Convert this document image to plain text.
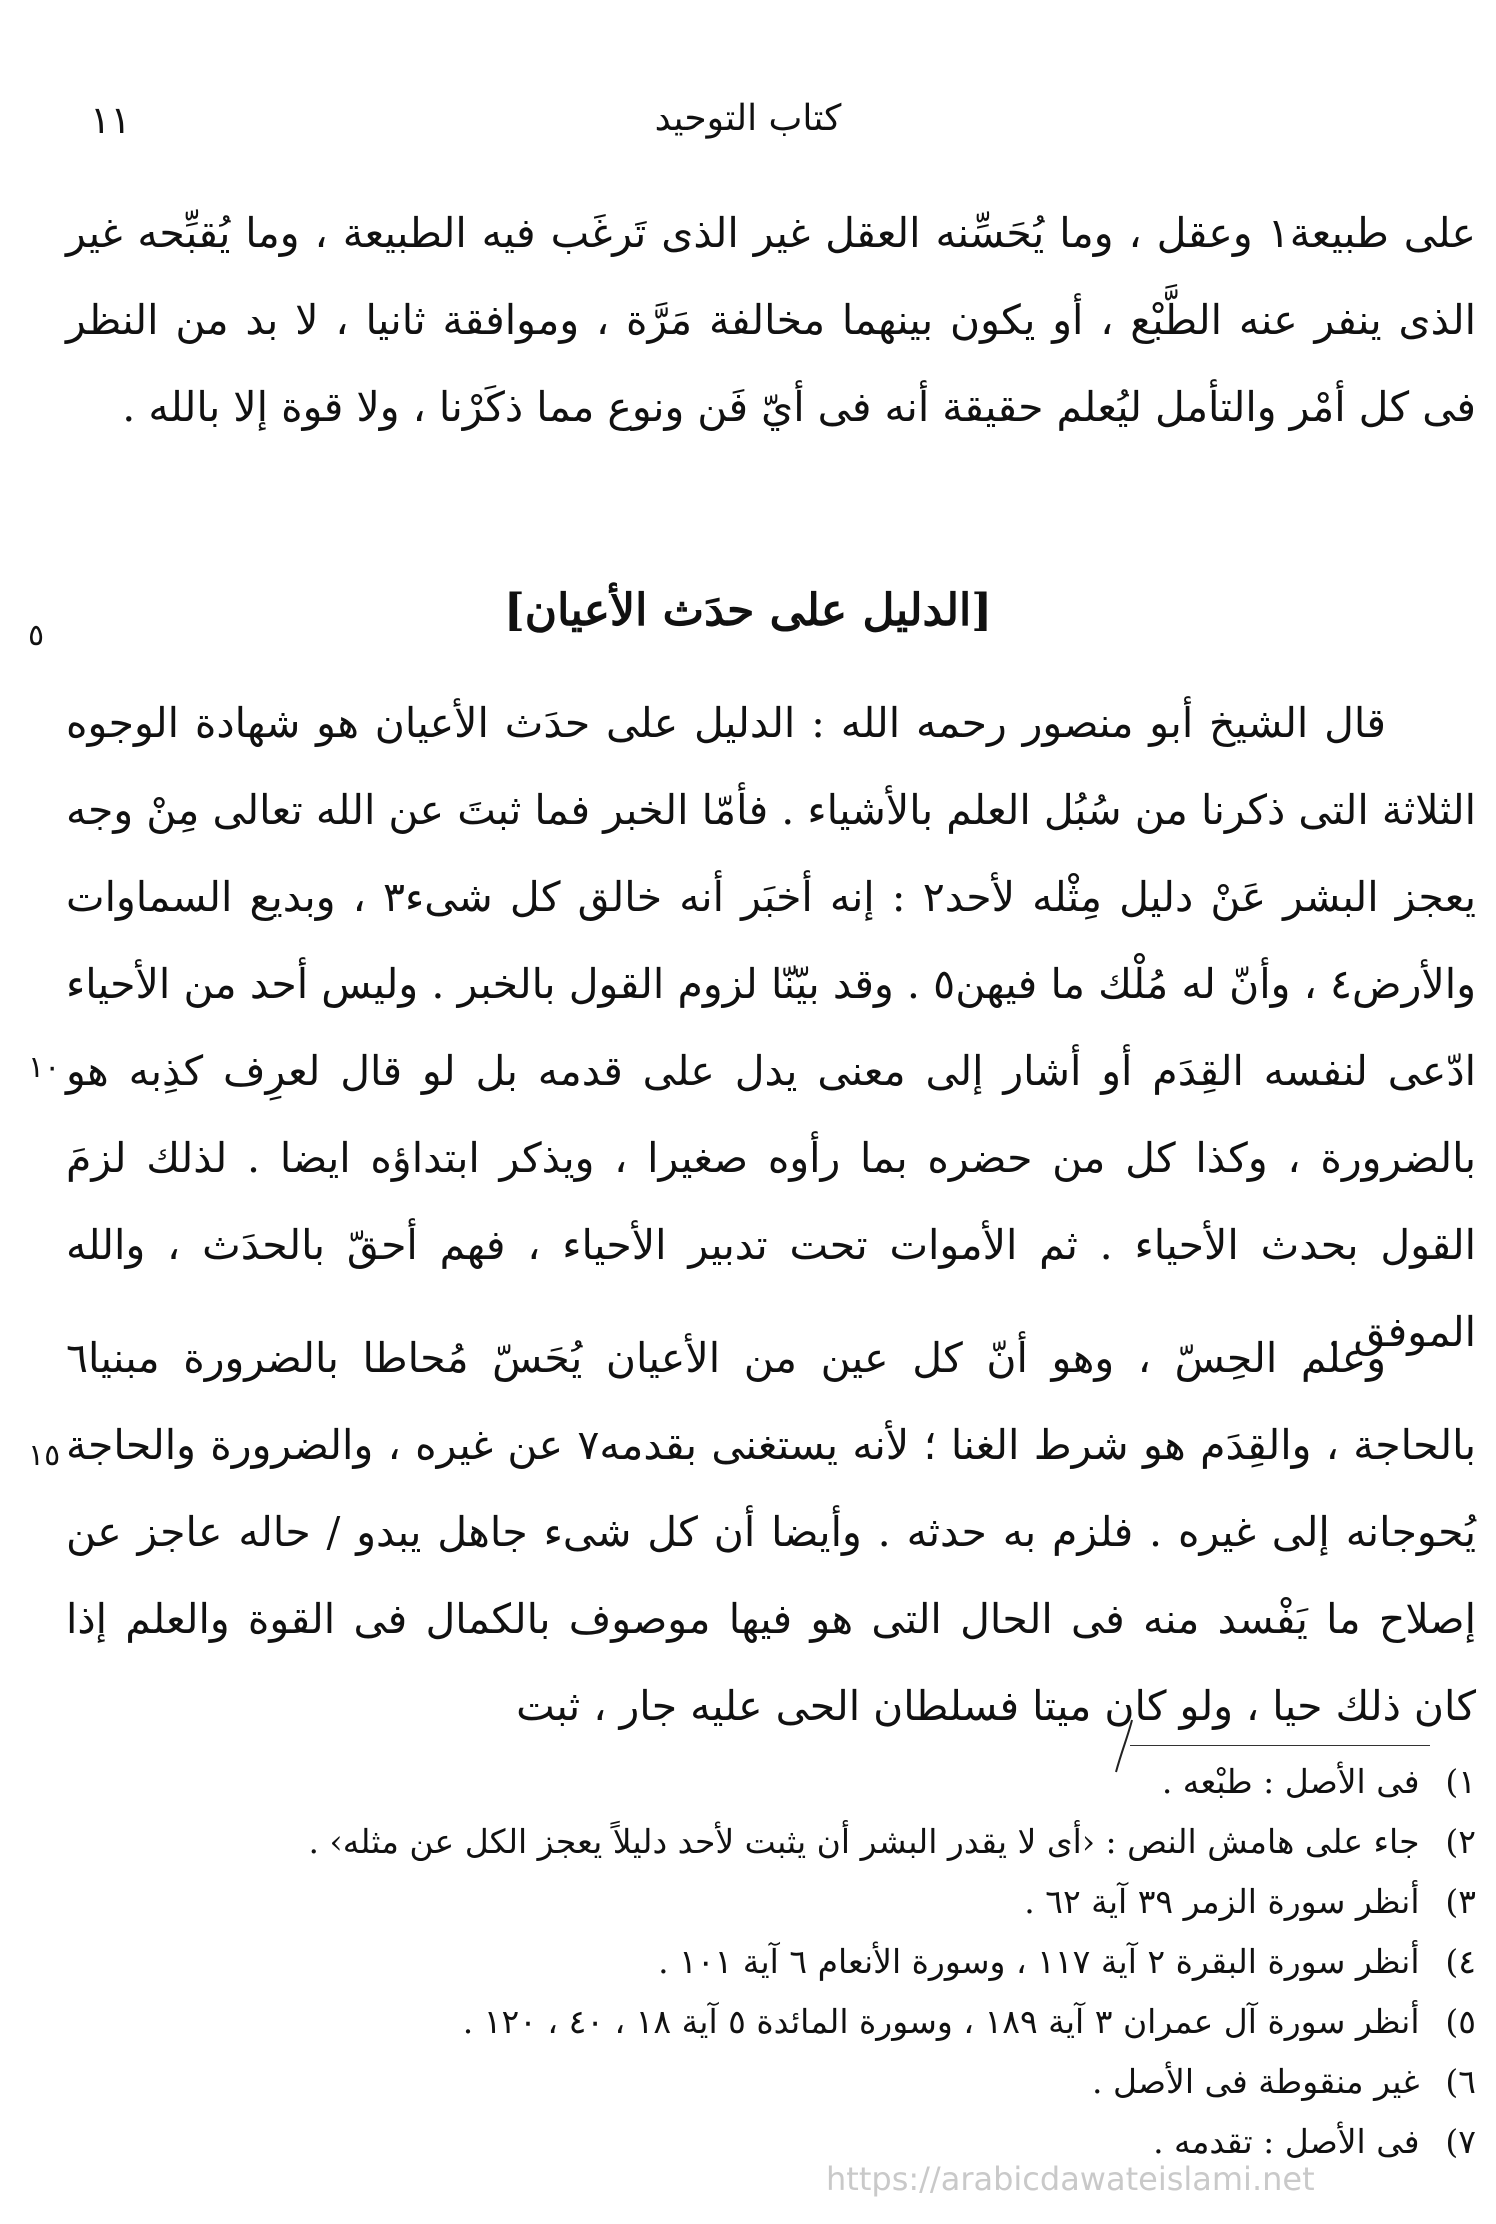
١١	كتاب التوحيد

على طبيعة١ وعقل ، وما يُحَسِّنه العقل غير الذى تَرغَب فيه الطبيعة ، وما يُقبِّحه غير الذى ينفر عنه الطَّبْع ، أو يكون بينهما مخالفة مَرَّة ، وموافقة ثانيا ، لا بد من النظر فى كل أمْر والتأمل ليُعلم حقيقة أنه فى أيّ فَن ونوع مما ذكَرْنا ، ولا قوة إلا بالله .

[الدليل على حدَث الأعيان]
٥

قال الشيخ أبو منصور رحمه الله : الدليل على حدَث الأعيان هو شهادة الوجوه الثلاثة التى ذكرنا من سُبُل العلم بالأشياء . فأمّا الخبر فما ثبتَ عن الله تعالى مِنْ وجه يعجز البشر عَنْ دليل مِثْله لأحد٢ : إنه أخبَر أنه خالق كل شىء٣ ، وبديع السماوات والأرض٤ ، وأنّ له مُلْك ما فيهن٥ . وقد بيّنّا لزوم القول بالخبر . وليس أحد من الأحياء ادّعى لنفسه القِدَم أو أشار إلى معنى يدل على قدمه بل لو قال لعرِف كذِبه هو بالضرورة ، وكذا كل من حضره بما رأوه صغيرا ، ويذكر ابتداؤه ايضا . لذلك لزمَ القول بحدث الأحياء . ثم الأموات تحت تدبير الأحياء ، فهم أحقّ بالحدَث ، والله الموفق .

١٠

وعلم الحِسّ ، وهو أنّ كل عين من الأعيان يُحَسّ مُحاطا بالضرورة مبنيا٦ بالحاجة ، والقِدَم هو شرط الغنا ؛ لأنه يستغنى بقدمه٧ عن غيره ، والضرورة والحاجة يُحوجانه إلى غيره . فلزم به حدثه . وأيضا أن كل شىء جاهل يبدو / حاله عاجز عن إصلاح ما يَفْسد منه فى الحال التى هو فيها موصوف بالكمال فى القوة والعلم إذا كان ذلك حيا ، ولو كان ميتا فسلطان الحى عليه جار ، ثبت

١٥
١) فى الأصل : طبْعه .
٢) جاء على هامش النص : ‹أى لا يقدر البشر أن يثبت لأحد دليلاً يعجز الكل عن مثله› .
٣) أنظر سورة الزمر ٣٩ آية ٦٢ .
٤) أنظر سورة البقرة ٢ آية ١١٧ ، وسورة الأنعام ٦ آية ١٠١ .
٥) أنظر سورة آل عمران ٣ آية ١٨٩ ، وسورة المائدة ٥ آية ١٨ ، ٤٠ ، ١٢٠ .
٦) غير منقوطة فى الأصل .
٧) فى الأصل : تقدمه .
https://arabicdawateislami.net
